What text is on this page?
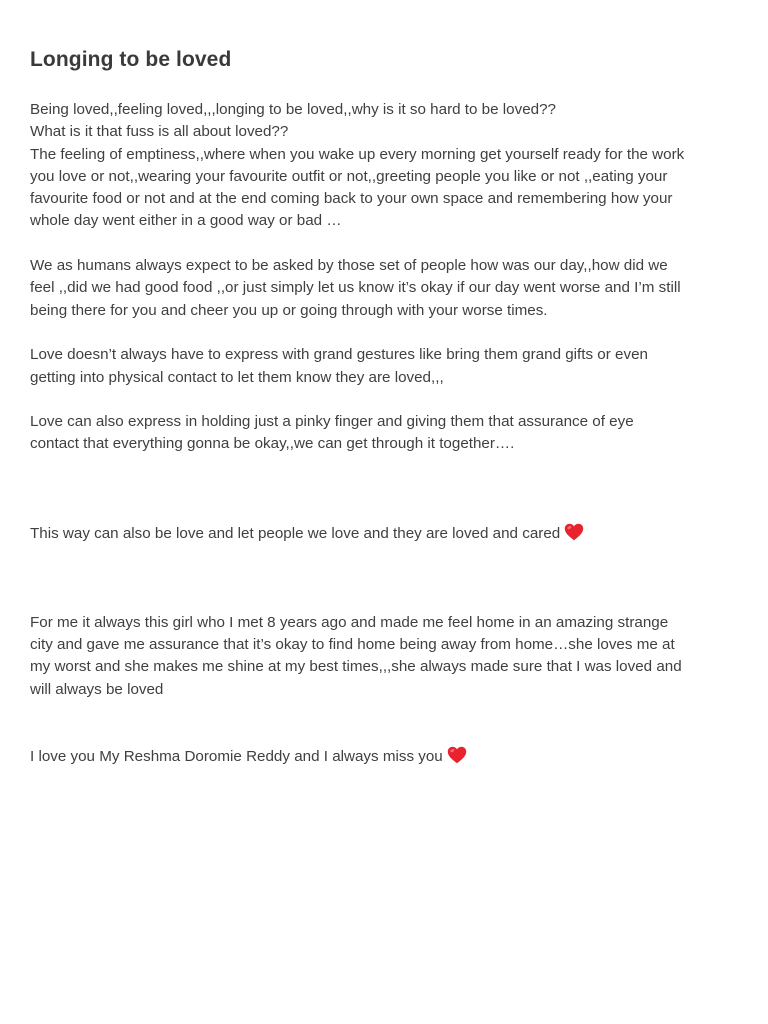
Longing to be loved
Being loved,,feeling loved,,,longing to be loved,,why is it so hard to be loved??
What is it that fuss is all about loved??
The feeling of emptiness,,where when you wake up every morning get yourself ready for the work
you love or not,,wearing your favourite outfit or not,,greeting people you like or not ,,eating your
favourite food or not and at the end coming back to your own space and remembering how your
whole day went either in a good way or bad …
We as humans always expect to be asked by those set of people how was our day,,how did we
feel ,,did we had good food ,,or just simply let us know it’s okay if our day went worse and I’m still
being there for you and cheer you up or going through with your worse times.
Love doesn’t always have to express with grand gestures like bring them grand gifts or even
getting into physical contact to let them know they are loved,,,
Love can also express in holding just a pinky finger and giving them that assurance of eye
contact that everything gonna be okay,,we can get through it together….
This way can also be love and let people we love and they are loved and cared
For me it always this girl who I met 8 years ago and made me feel home in an amazing strange
city and gave me assurance that it’s okay to find home being away from home…she loves me at
my worst and she makes me shine at my best times,,,she always made sure that I was loved and
will always be loved
I love you My Reshma Doromie Reddy and I always miss you
